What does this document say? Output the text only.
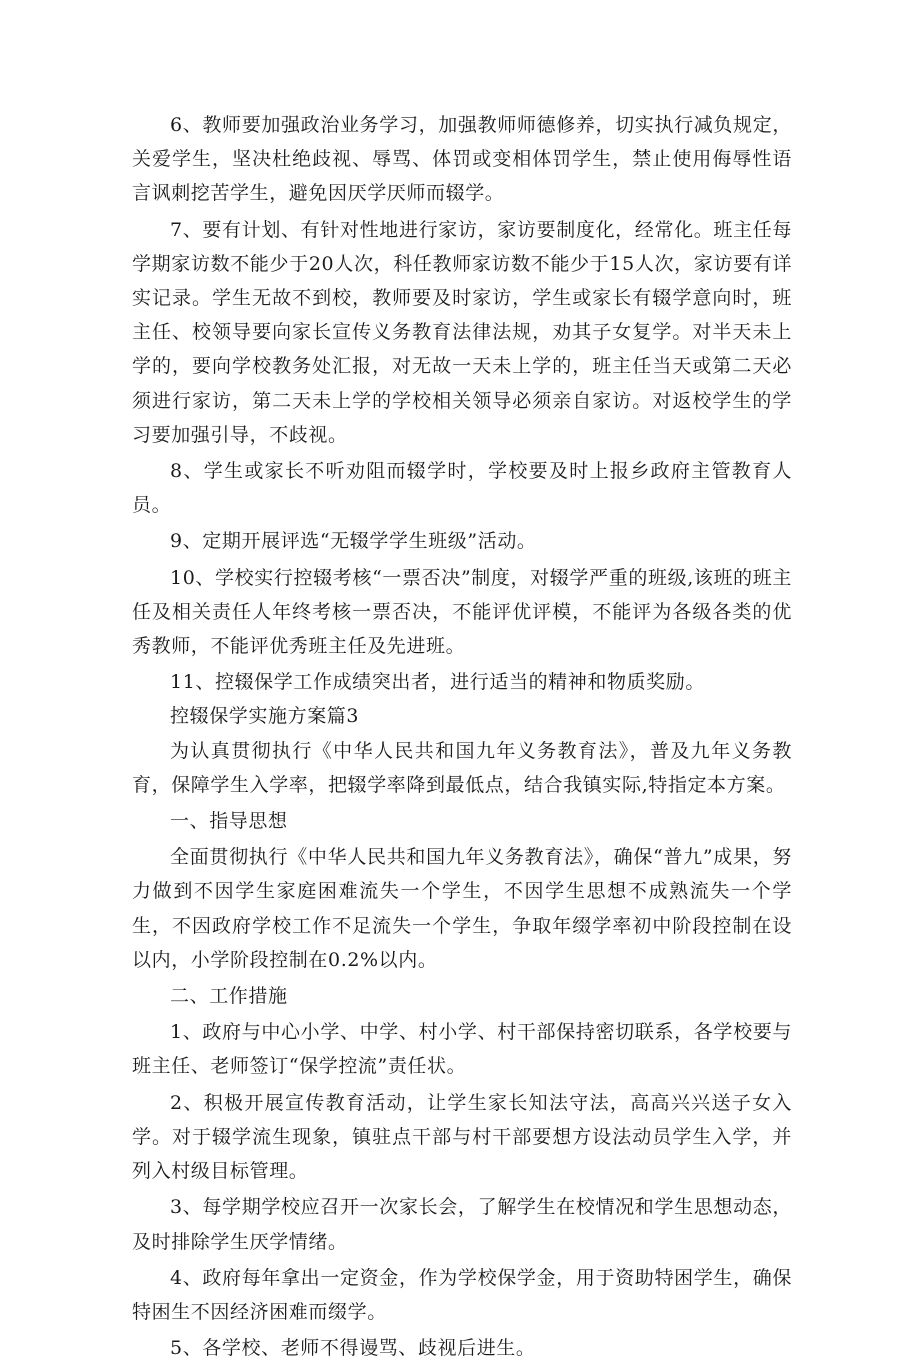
6、教师要加强政治业务学习，加强教师师德修养，切实执行减负规定，关爱学生，坚决杜绝歧视、辱骂、体罚或变相体罚学生，禁止使用侮辱性语言讽刺挖苦学生，避免因厌学厌师而辍学。

7、要有计划、有针对性地进行家访，家访要制度化，经常化。班主任每学期家访数不能少于20人次，科任教师家访数不能少于15人次，家访要有详实记录。学生无故不到校，教师要及时家访，学生或家长有辍学意向时，班主任、校领导要向家长宣传义务教育法律法规，劝其子女复学。对半天未上学的，要向学校教务处汇报，对无故一天未上学的，班主任当天或第二天必须进行家访，第二天未上学的学校相关领导必须亲自家访。对返校学生的学习要加强引导，不歧视。

8、学生或家长不听劝阻而辍学时，学校要及时上报乡政府主管教育人员。

9、定期开展评选“无辍学学生班级”活动。

10、学校实行控辍考核“一票否决”制度，对辍学严重的班级,该班的班主任及相关责任人年终考核一票否决，不能评优评模，不能评为各级各类的优秀教师，不能评优秀班主任及先进班。

11、控辍保学工作成绩突出者，进行适当的精神和物质奖励。

控辍保学实施方案篇3

为认真贯彻执行《中华人民共和国九年义务教育法》，普及九年义务教育，保障学生入学率，把辍学率降到最低点，结合我镇实际,特指定本方案。

一、指导思想

全面贯彻执行《中华人民共和国九年义务教育法》，确保“普九”成果，努力做到不因学生家庭困难流失一个学生，不因学生思想不成熟流失一个学生，不因政府学校工作不足流失一个学生，争取年缀学率初中阶段控制在设以内，小学阶段控制在0.2%以内。

二、工作措施

1、政府与中心小学、中学、村小学、村干部保持密切联系，各学校要与班主任、老师签订“保学控流”责任状。

2、积极开展宣传教育活动，让学生家长知法守法，高高兴兴送子女入学。对于辍学流生现象，镇驻点干部与村干部要想方设法动员学生入学，并列入村级目标管理。

3、每学期学校应召开一次家长会，了解学生在校情况和学生思想动态，及时排除学生厌学情绪。

4、政府每年拿出一定资金，作为学校保学金，用于资助特困学生，确保特困生不因经济困难而缀学。

5、各学校、老师不得谩骂、歧视后进生。
